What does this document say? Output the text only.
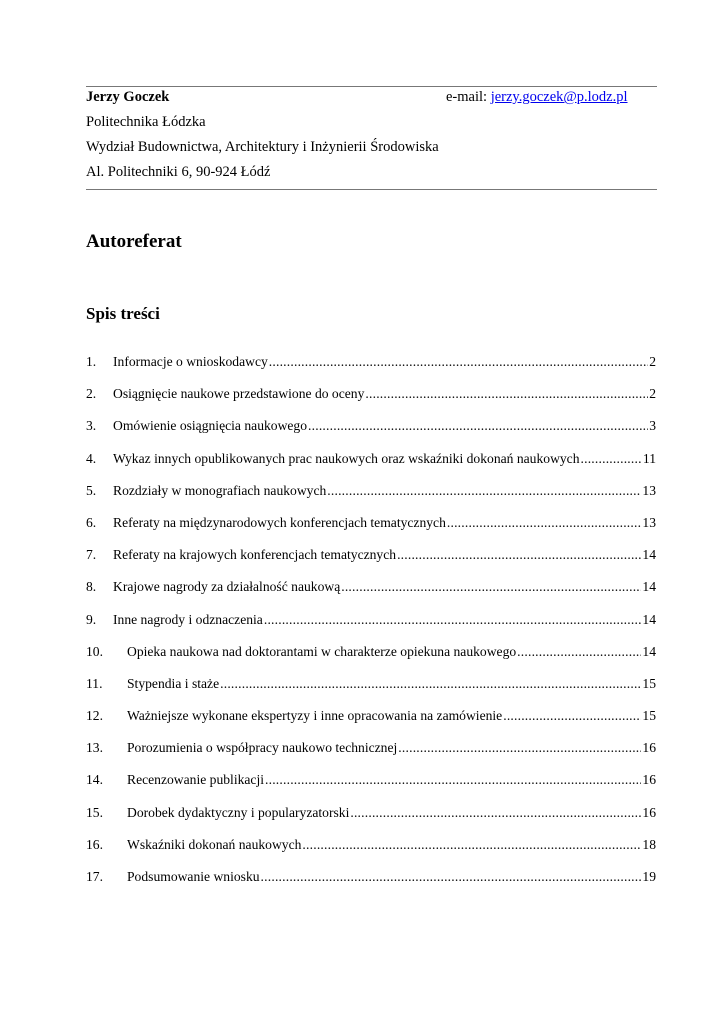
Jerzy Goczek	e-mail: jerzy.goczek@p.lodz.pl
Politechnika Łódzka
Wydział Budownictwa, Architektury i Inżynierii Środowiska
Al. Politechniki 6, 90-924 Łódź
Autoreferat
Spis treści
1.	Informacje o wnioskodawcy .....	2
2.	Osiągnięcie naukowe przedstawione do oceny .....	2
3.	Omówienie osiągnięcia naukowego .....	3
4.	Wykaz innych opublikowanych prac naukowych oraz wskaźniki dokonań naukowych .....	11
5.	Rozdziały w monografiach naukowych .....	13
6.	Referaty na międzynarodowych konferencjach tematycznych .....	13
7.	Referaty na krajowych konferencjach tematycznych .....	14
8.	Krajowe nagrody za działalność naukową .....	14
9.	Inne nagrody i odznaczenia .....	14
10.	Opieka naukowa nad doktorantami w charakterze opiekuna naukowego .....	14
11.	Stypendia i staże .....	15
12.	Ważniejsze wykonane ekspertyzy i inne opracowania na zamówienie .....	15
13.	Porozumienia o współpracy naukowo technicznej .....	16
14.	Recenzowanie publikacji .....	16
15.	Dorobek dydaktyczny i popularyzatorski .....	16
16.	Wskaźniki dokonań naukowych .....	18
17.	Podsumowanie wniosku .....	19
